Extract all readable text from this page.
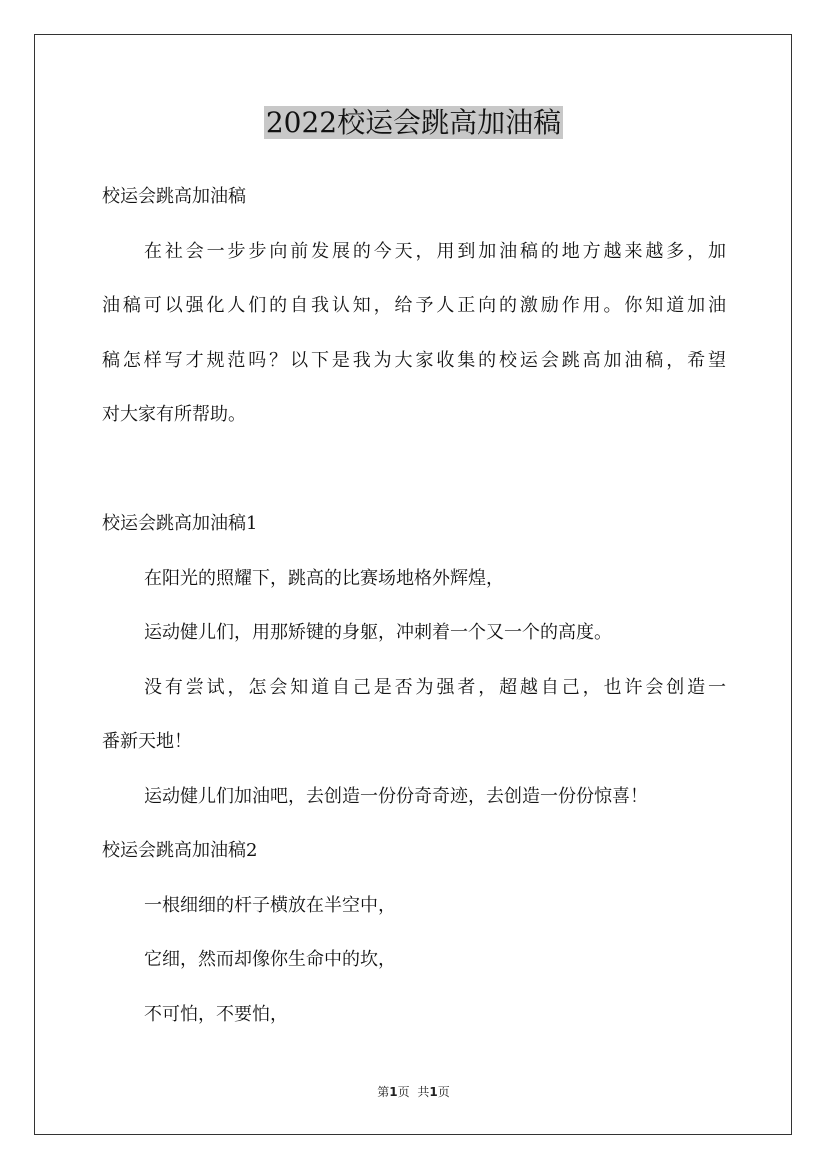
2022校运会跳高加油稿

校运会跳高加油稿

在社会一步步向前发展的今天，用到加油稿的地方越来越多，加

油稿可以强化人们的自我认知，给予人正向的激励作用。你知道加油

稿怎样写才规范吗？以下是我为大家收集的校运会跳高加油稿，希望

对大家有所帮助。

校运会跳高加油稿1

在阳光的照耀下，跳高的比赛场地格外辉煌，

运动健儿们，用那矫键的身躯，冲刺着一个又一个的高度。

没有尝试，怎会知道自己是否为强者，超越自己，也许会创造一

番新天地！

运动健儿们加油吧，去创造一份份奇奇迹，去创造一份份惊喜！

校运会跳高加油稿2

一根细细的杆子横放在半空中，

它细，然而却像你生命中的坎，

不可怕，不要怕，

第1页 共1页
